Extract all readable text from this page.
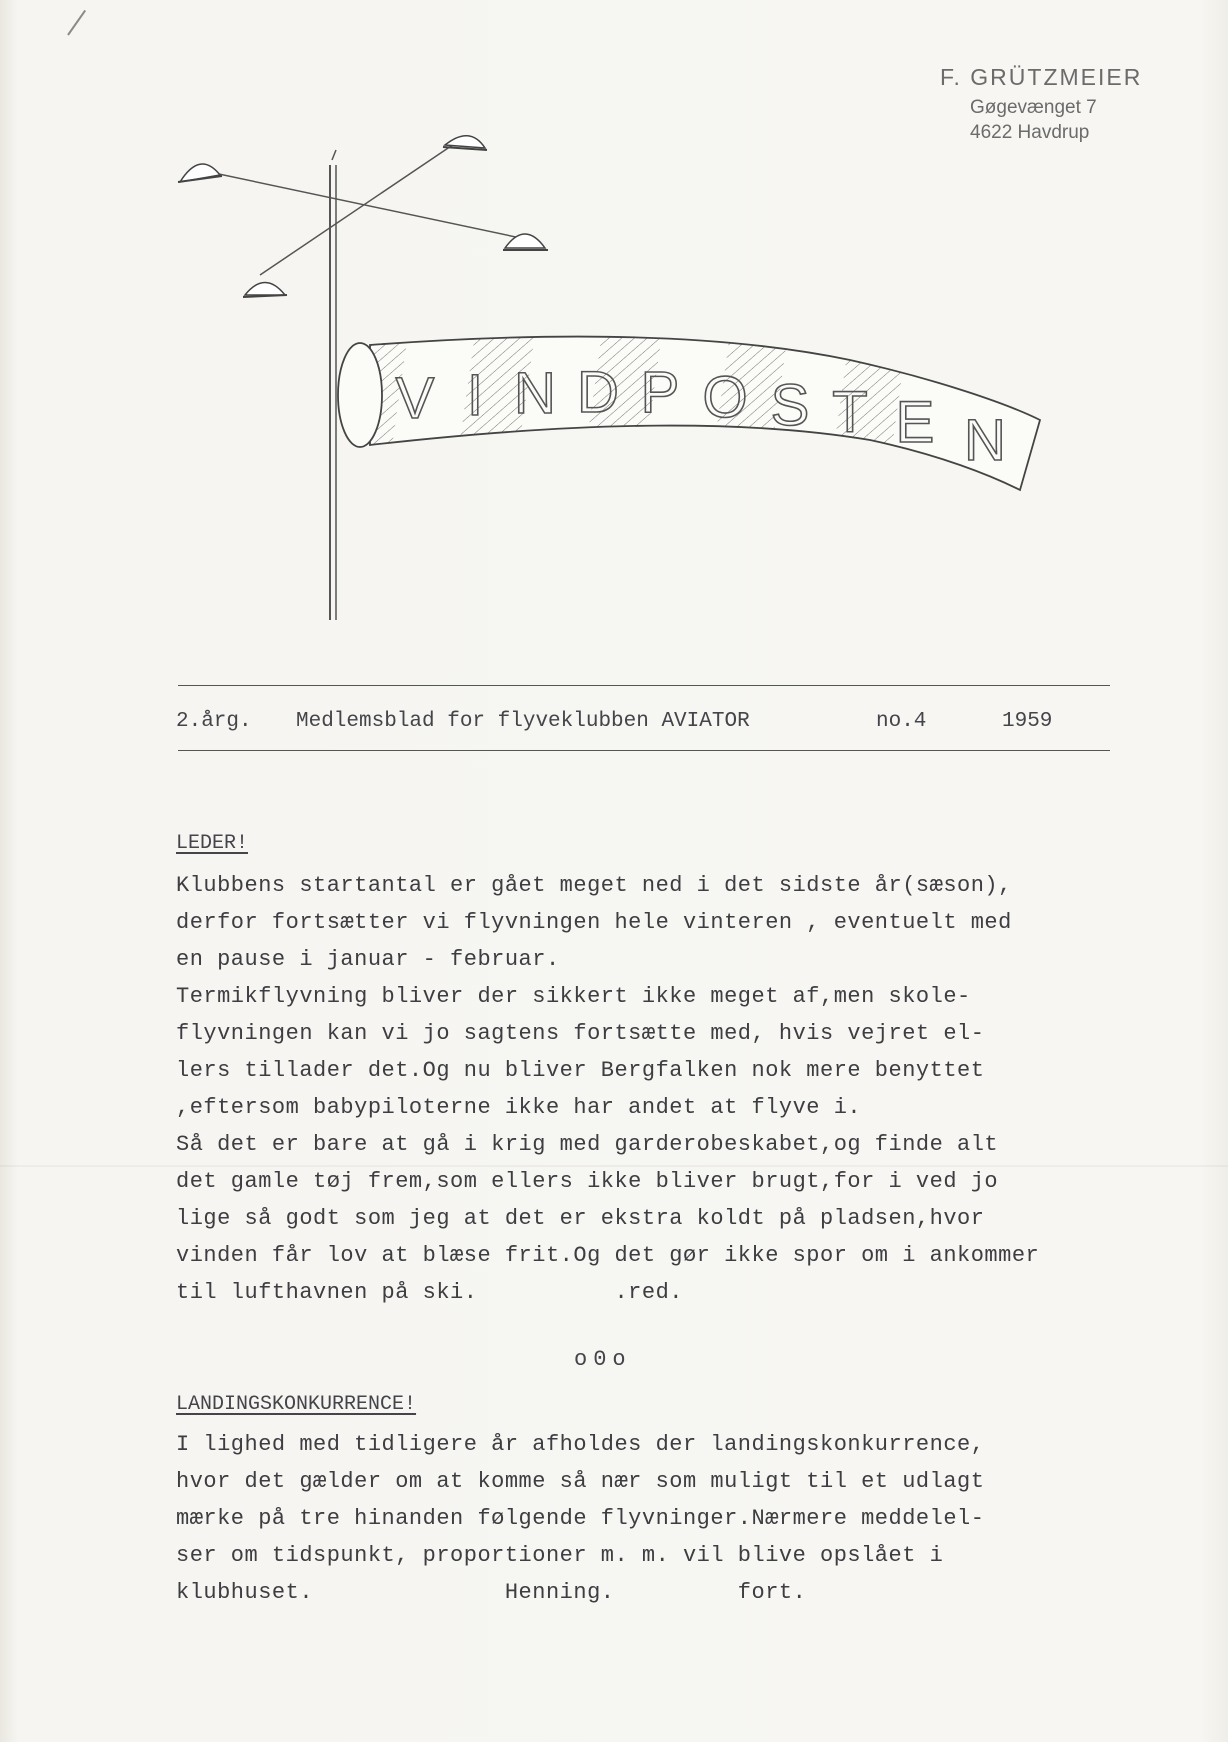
F. GRÜTZMEIER
Gøgevænget 7
4622 Havdrup
V I N D P O S T E N

2.årg.

Medlemsblad for flyveklubben AVIATOR

	no.4

	1959

LEDER!
Klubbens startantal er gået meget ned i det sidste år(sæson),
derfor fortsætter vi flyvningen hele vinteren , eventuelt med
en pause i januar - februar.
Termikflyvning bliver der sikkert ikke meget af,men skole-
flyvningen kan vi jo sagtens fortsætte med, hvis vejret el-
lers tillader det.Og nu bliver Bergfalken nok mere benyttet
,eftersom babypiloterne ikke har andet at flyve i.
Så det er bare at gå i krig med garderobeskabet,og finde alt
det gamle tøj frem,som ellers ikke bliver brugt,for i ved jo
lige så godt som jeg at det er ekstra koldt på pladsen,hvor
vinden får lov at blæse frit.Og det gør ikke spor om i ankommer
til lufthavnen på ski.          .red.
o0o
LANDINGSKONKURRENCE!
I lighed med tidligere år afholdes der landingskonkurrence,
hvor det gælder om at komme så nær som muligt til et udlagt
mærke på tre hinanden følgende flyvninger.Nærmere meddelel-
ser om tidspunkt, proportioner m. m. vil blive opslået i
klubhuset.              Henning.         fort.
